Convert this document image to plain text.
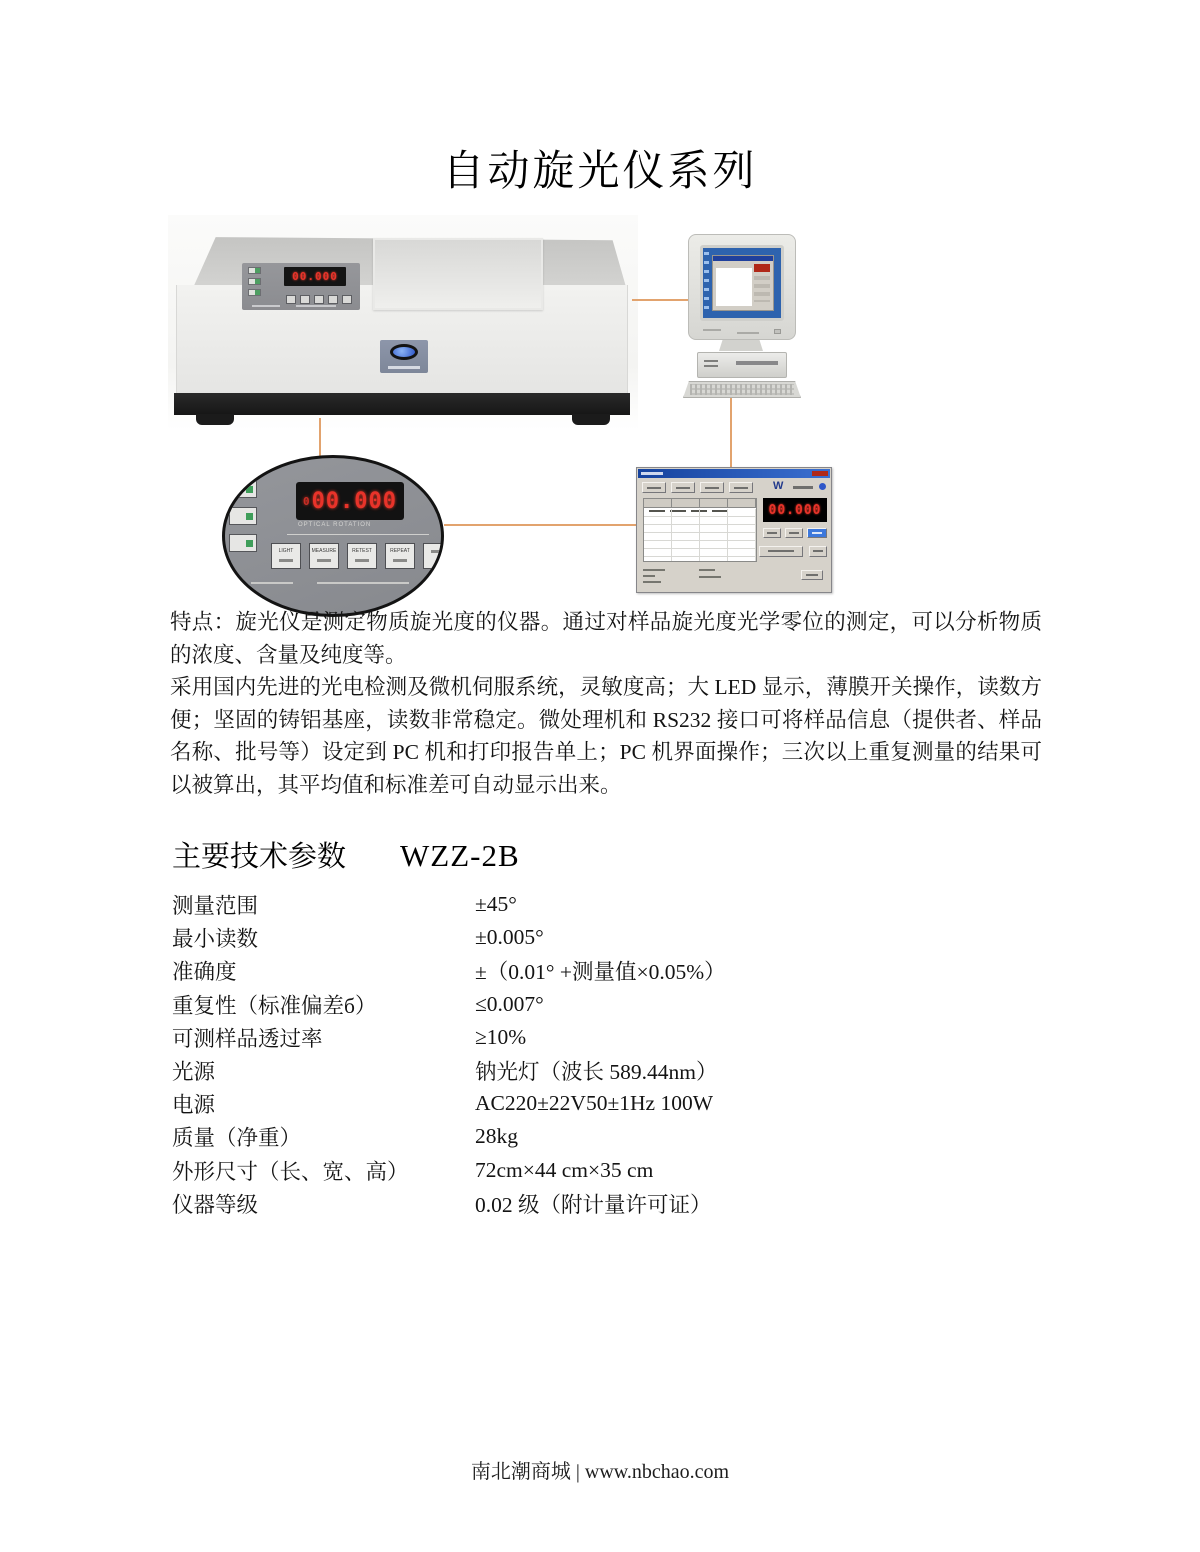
自动旋光仪系列
00.000
0 00.000
OPTICAL ROTATION
LIGHT	MEASURE	RETEST	REPEAT
W
00.000
特点：旋光仪是测定物质旋光度的仪器。通过对样品旋光度光学零位的测定，可以分析物质的浓度、含量及纯度等。
采用国内先进的光电检测及微机伺服系统，灵敏度高；大 LED 显示，薄膜开关操作，读数方便；坚固的铸铝基座，读数非常稳定。微处理机和 RS232 接口可将样品信息（提供者、样品名称、批号等）设定到 PC 机和打印报告单上；PC 机界面操作；三次以上重复测量的结果可以被算出，其平均值和标准差可自动显示出来。
主要技术参数 WZZ-2B
测量范围	±45°
最小读数	±0.005°
准确度	±（0.01° +测量值×0.05%）
重复性（标准偏差б）	≤0.007°
可测样品透过率	≥10%
光源	钠光灯（波长 589.44nm）
电源	AC220±22V50±1Hz 100W
质量（净重）	28kg
外形尺寸（长、宽、高）	72cm×44 cm×35 cm
仪器等级	0.02 级（附计量许可证）
南北潮商城 | www.nbchao.com
